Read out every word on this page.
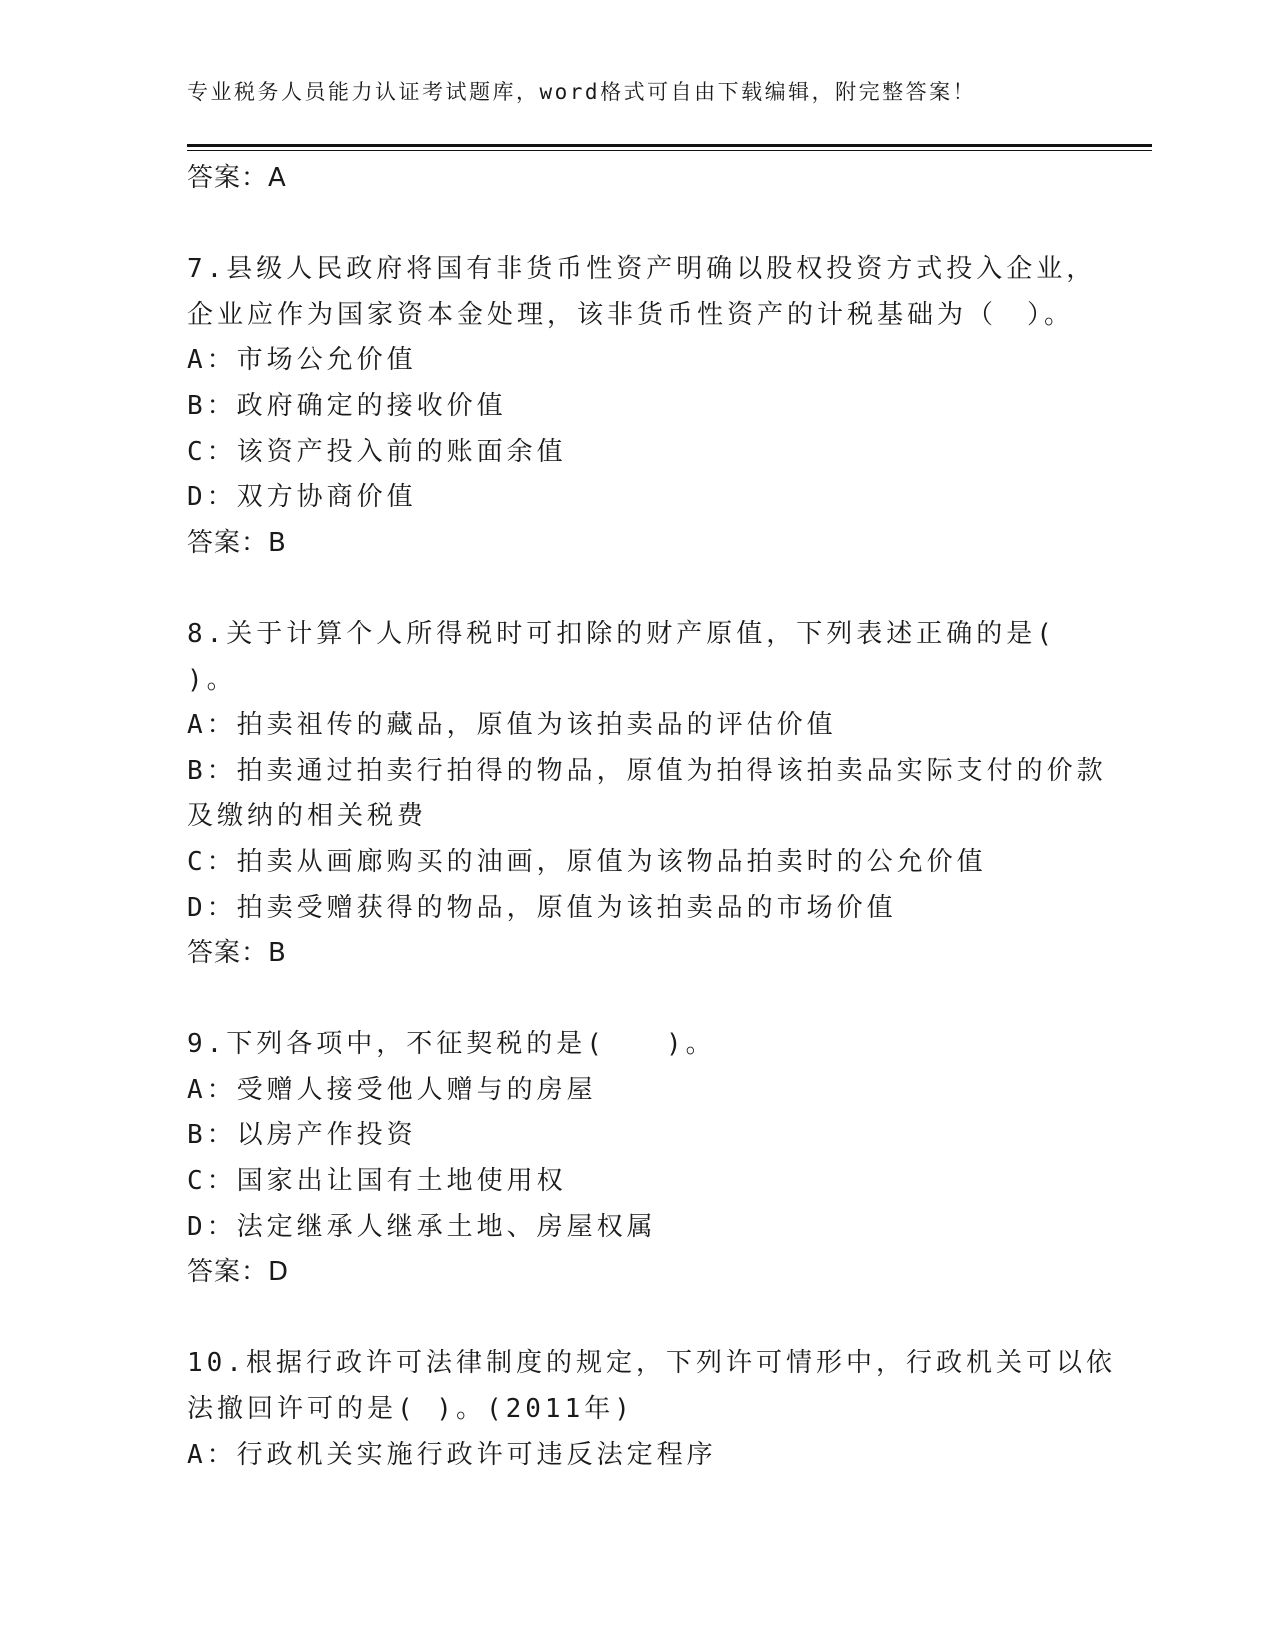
专业税务人员能力认证考试题库，word格式可自由下载编辑，附完整答案！
答案：A
7.县级人民政府将国有非货币性资产明确以股权投资方式投入企业，
企业应作为国家资本金处理，该非货币性资产的计税基础为（　）。
A：市场公允价值
B：政府确定的接收价值
C：该资产投入前的账面余值
D：双方协商价值
答案：B
8.关于计算个人所得税时可扣除的财产原值，下列表述正确的是(
)。
A：拍卖祖传的藏品，原值为该拍卖品的评估价值
B：拍卖通过拍卖行拍得的物品，原值为拍得该拍卖品实际支付的价款
及缴纳的相关税费
C：拍卖从画廊购买的油画，原值为该物品拍卖时的公允价值
D：拍卖受赠获得的物品，原值为该拍卖品的市场价值
答案：B
9.下列各项中，不征契税的是(　　)。
A：受赠人接受他人赠与的房屋
B：以房产作投资
C：国家出让国有土地使用权
D：法定继承人继承土地、房屋权属
答案：D
10.根据行政许可法律制度的规定，下列许可情形中，行政机关可以依
法撤回许可的是( )。(2011年)
A：行政机关实施行政许可违反法定程序
